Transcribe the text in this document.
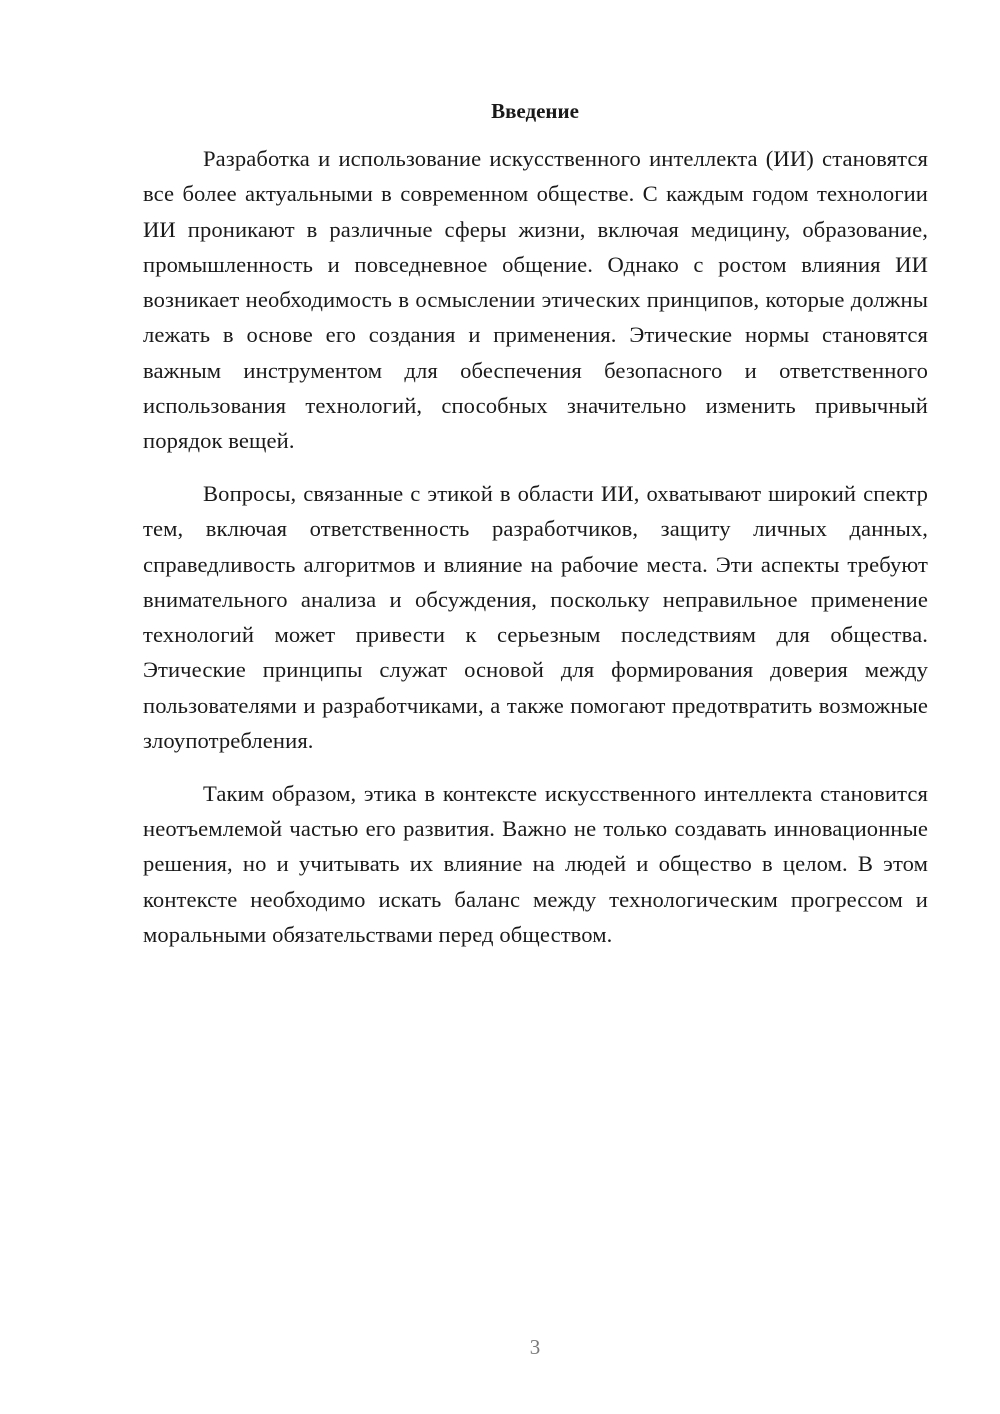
Введение

Разработка и использование искусственного интеллекта (ИИ) становятся все более актуальными в современном обществе. С каждым годом технологии ИИ проникают в различные сферы жизни, включая медицину, образование, промышленность и повседневное общение. Однако с ростом влияния ИИ возникает необходимость в осмыслении этических принципов, которые должны лежать в основе его создания и применения. Этические нормы становятся важным инструментом для обеспечения безопасного и ответственного использования технологий, способных значительно изменить привычный порядок вещей.

Вопросы, связанные с этикой в области ИИ, охватывают широкий спектр тем, включая ответственность разработчиков, защиту личных данных, справедливость алгоритмов и влияние на рабочие места. Эти аспекты требуют внимательного анализа и обсуждения, поскольку неправильное применение технологий может привести к серьезным последствиям для общества. Этические принципы служат основой для формирования доверия между пользователями и разработчиками, а также помогают предотвратить возможные злоупотребления.

Таким образом, этика в контексте искусственного интеллекта становится неотъемлемой частью его развития. Важно не только создавать инновационные решения, но и учитывать их влияние на людей и общество в целом. В этом контексте необходимо искать баланс между технологическим прогрессом и моральными обязательствами перед обществом.

3
